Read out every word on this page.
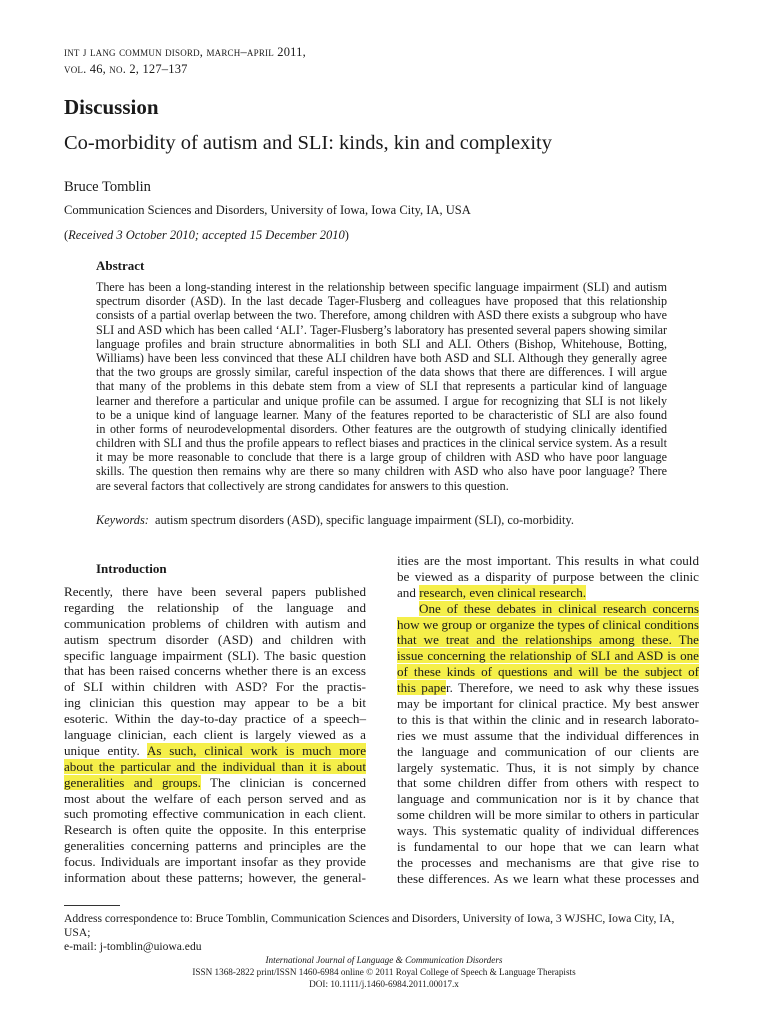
int j lang commun disord, march–april 2011,
vol. 46, no. 2, 127–137
Discussion
Co-morbidity of autism and SLI: kinds, kin and complexity
Bruce Tomblin
Communication Sciences and Disorders, University of Iowa, Iowa City, IA, USA
(Received 3 October 2010; accepted 15 December 2010)
Abstract
There has been a long-standing interest in the relationship between specific language impairment (SLI) and autism
spectrum disorder (ASD). In the last decade Tager-Flusberg and colleagues have proposed that this relationship
consists of a partial overlap between the two. Therefore, among children with ASD there exists a subgroup who have
SLI and ASD which has been called ‘ALI’. Tager-Flusberg’s laboratory has presented several papers showing similar
language profiles and brain structure abnormalities in both SLI and ALI. Others (Bishop, Whitehouse, Botting,
Williams) have been less convinced that these ALI children have both ASD and SLI. Although they generally agree
that the two groups are grossly similar, careful inspection of the data shows that there are differences. I will argue
that many of the problems in this debate stem from a view of SLI that represents a particular kind of language
learner and therefore a particular and unique profile can be assumed. I argue for recognizing that SLI is not likely
to be a unique kind of language learner. Many of the features reported to be characteristic of SLI are also found
in other forms of neurodevelopmental disorders. Other features are the outgrowth of studying clinically identified
children with SLI and thus the profile appears to reflect biases and practices in the clinical service system. As a result
it may be more reasonable to conclude that there is a large group of children with ASD who have poor language
skills. The question then remains why are there so many children with ASD who also have poor language? There
are several factors that collectively are strong candidates for answers to this question.
Keywords: autism spectrum disorders (ASD), specific language impairment (SLI), co-morbidity.
Introduction
Recently, there have been several papers published
regarding the relationship of the language and
communication problems of children with autism and
autism spectrum disorder (ASD) and children with
specific language impairment (SLI). The basic question
that has been raised concerns whether there is an excess
of SLI within children with ASD? For the practis-
ing clinician this question may appear to be a bit
esoteric. Within the day-to-day practice of a speech–
language clinician, each client is largely viewed as a
unique entity. As such, clinical work is much more
about the particular and the individual than it is about
generalities and groups. The clinician is concerned
most about the welfare of each person served and as
such promoting effective communication in each client.
Research is often quite the opposite. In this enterprise
generalities concerning patterns and principles are the
focus. Individuals are important insofar as they provide
information about these patterns; however, the general-
ities are the most important. This results in what could
be viewed as a disparity of purpose between the clinic
and research, even clinical research.
One of these debates in clinical research concerns
how we group or organize the types of clinical conditions
that we treat and the relationships among these. The
issue concerning the relationship of SLI and ASD is one
of these kinds of questions and will be the subject of
this paper. Therefore, we need to ask why these issues
may be important for clinical practice. My best answer
to this is that within the clinic and in research laborato-
ries we must assume that the individual differences in
the language and communication of our clients are
largely systematic. Thus, it is not simply by chance
that some children differ from others with respect to
language and communication nor is it by chance that
some children will be more similar to others in particular
ways. This systematic quality of individual differences
is fundamental to our hope that we can learn what
the processes and mechanisms are that give rise to
these differences. As we learn what these processes and
Address correspondence to: Bruce Tomblin, Communication Sciences and Disorders, University of Iowa, 3 WJSHC, Iowa City, IA, USA;
e-mail: j-tomblin@uiowa.edu
International Journal of Language & Communication Disorders
ISSN 1368-2822 print/ISSN 1460-6984 online © 2011 Royal College of Speech & Language Therapists
DOI: 10.1111/j.1460-6984.2011.00017.x
